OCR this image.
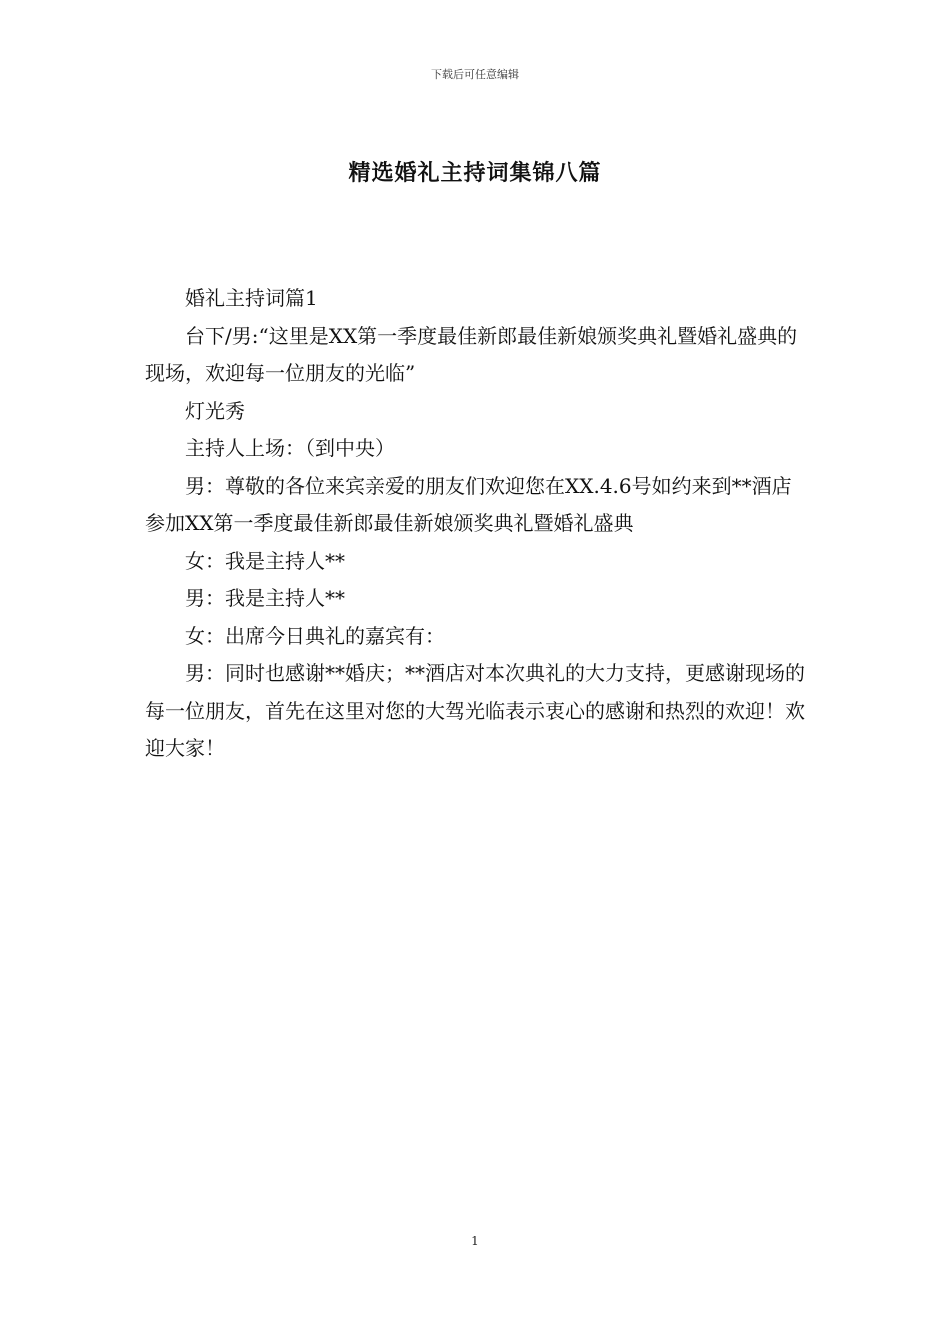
下载后可任意编辑
精选婚礼主持词集锦八篇

婚礼主持词篇1

台下/男:“这里是XX第一季度最佳新郎最佳新娘颁奖典礼暨婚礼盛典的现场，欢迎每一位朋友的光临”

灯光秀

主持人上场：（到中央）

男：尊敬的各位来宾亲爱的朋友们欢迎您在XX.4.6号如约来到**酒店参加XX第一季度最佳新郎最佳新娘颁奖典礼暨婚礼盛典

女：我是主持人**

男：我是主持人**

女：出席今日典礼的嘉宾有：

男：同时也感谢**婚庆；**酒店对本次典礼的大力支持，更感谢现场的每一位朋友，首先在这里对您的大驾光临表示衷心的感谢和热烈的欢迎！欢迎大家！

1
